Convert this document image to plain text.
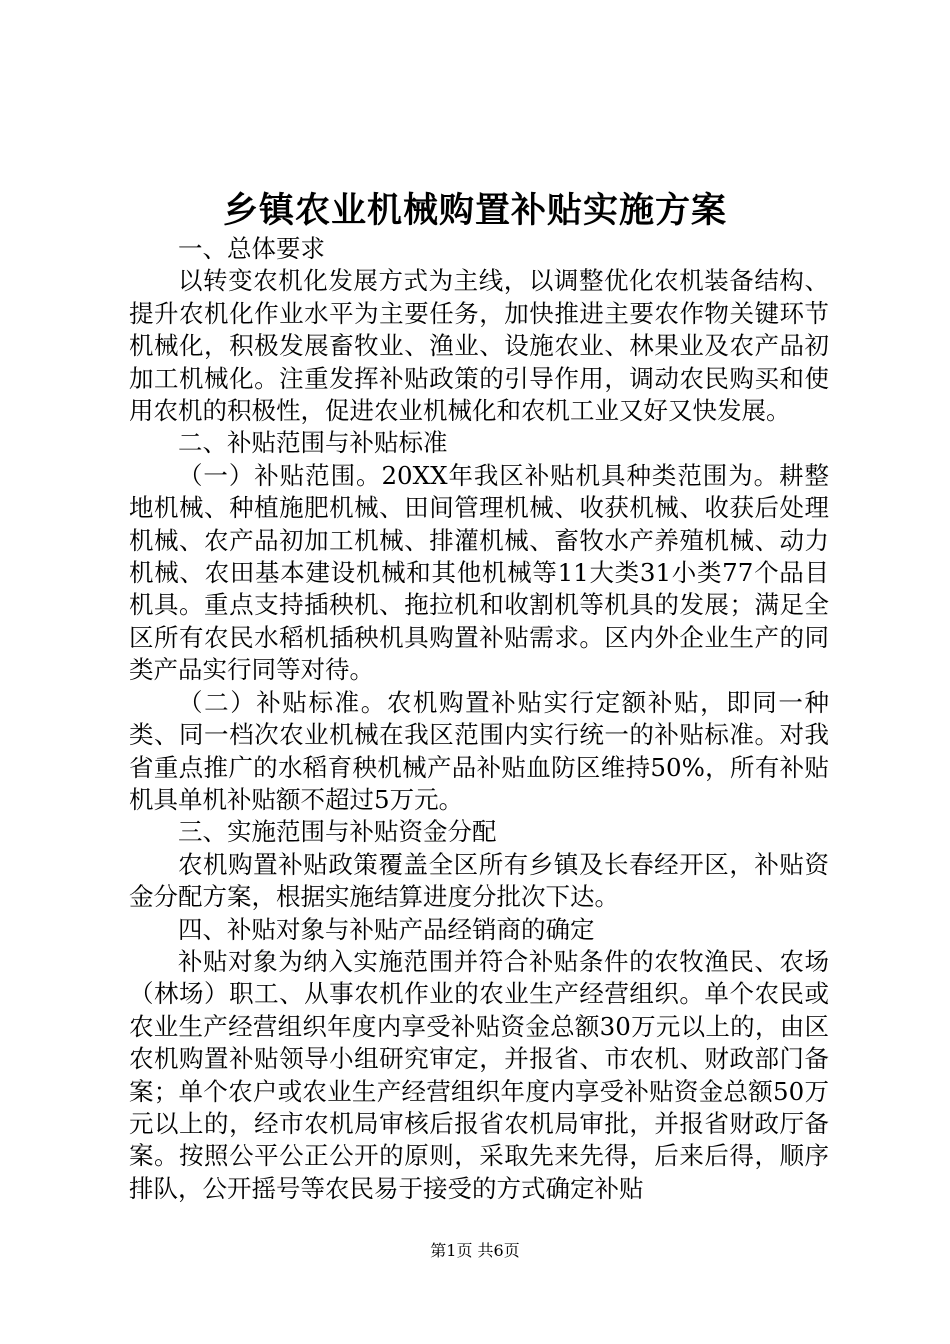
乡镇农业机械购置补贴实施方案

一、总体要求

以转变农机化发展方式为主线，以调整优化农机装备结构、提升农机化作业水平为主要任务，加快推进主要农作物关键环节机械化，积极发展畜牧业、渔业、设施农业、林果业及农产品初加工机械化。注重发挥补贴政策的引导作用，调动农民购买和使用农机的积极性，促进农业机械化和农机工业又好又快发展。

二、补贴范围与补贴标准

（一）补贴范围。20XX年我区补贴机具种类范围为。耕整地机械、种植施肥机械、田间管理机械、收获机械、收获后处理机械、农产品初加工机械、排灌机械、畜牧水产养殖机械、动力机械、农田基本建设机械和其他机械等11大类31小类77个品目机具。重点支持插秧机、拖拉机和收割机等机具的发展；满足全区所有农民水稻机插秧机具购置补贴需求。区内外企业生产的同类产品实行同等对待。

（二）补贴标准。农机购置补贴实行定额补贴，即同一种类、同一档次农业机械在我区范围内实行统一的补贴标准。对我省重点推广的水稻育秧机械产品补贴血防区维持50%，所有补贴机具单机补贴额不超过5万元。

三、实施范围与补贴资金分配

农机购置补贴政策覆盖全区所有乡镇及长春经开区，补贴资金分配方案，根据实施结算进度分批次下达。

四、补贴对象与补贴产品经销商的确定

补贴对象为纳入实施范围并符合补贴条件的农牧渔民、农场（林场）职工、从事农机作业的农业生产经营组织。单个农民或农业生产经营组织年度内享受补贴资金总额30万元以上的，由区农机购置补贴领导小组研究审定，并报省、市农机、财政部门备案；单个农户或农业生产经营组织年度内享受补贴资金总额50万元以上的，经市农机局审核后报省农机局审批，并报省财政厅备案。按照公平公正公开的原则，采取先来先得，后来后得，顺序排队，公开摇号等农民易于接受的方式确定补贴

第1页 共6页
